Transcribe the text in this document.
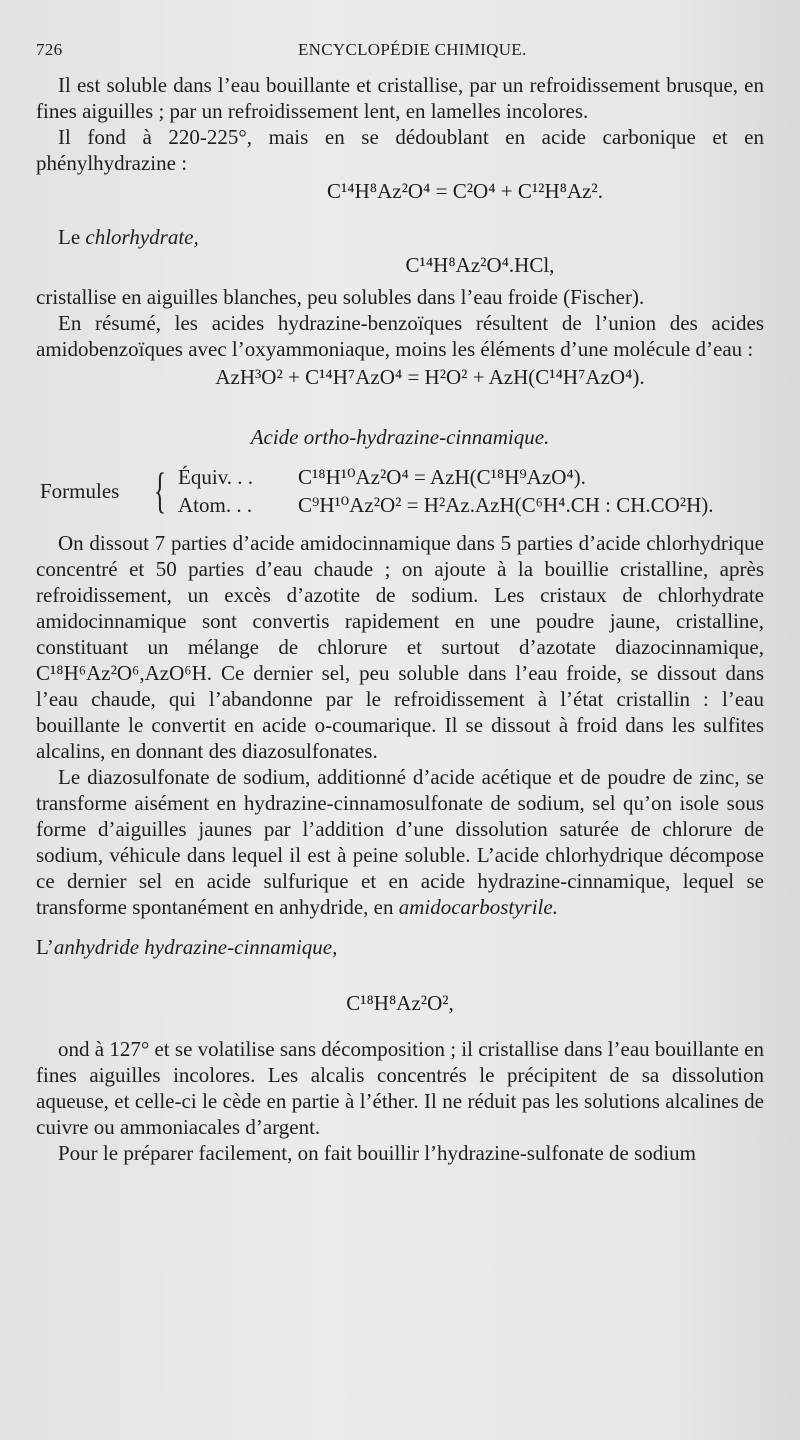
726	ENCYCLOPÉDIE CHIMIQUE.

Il est soluble dans l’eau bouillante et cristallise, par un refroidissement brusque, en fines aiguilles ; par un refroidissement lent, en lamelles incolores.

Il fond à 220-225°, mais en se dédoublant en acide carbonique et en phénylhydrazine :

C¹⁴H⁸Az²O⁴ = C²O⁴ + C¹²H⁸Az².

Le chlorhydrate,

C¹⁴H⁸Az²O⁴.HCl,

cristallise en aiguilles blanches, peu solubles dans l’eau froide (Fischer).

En résumé, les acides hydrazine-benzoïques résultent de l’union des acides amidobenzoïques avec l’oxyammoniaque, moins les éléments d’une molécule d’eau :

AzH³O² + C¹⁴H⁷AzO⁴ = H²O² + AzH(C¹⁴H⁷AzO⁴).
Acide ortho-hydrazine-cinnamique.
Formules { Équiv. . . C¹⁸H¹⁰Az²O⁴ = AzH(C¹⁸H⁹AzO⁴).
Atom. . . C⁹H¹⁰Az²O² = H²Az.AzH(C⁶H⁴.CH : CH.CO²H).

On dissout 7 parties d’acide amidocinnamique dans 5 parties d’acide chlorhydrique concentré et 50 parties d’eau chaude ; on ajoute à la bouillie cristalline, après refroidissement, un excès d’azotite de sodium. Les cristaux de chlorhydrate amidocinnamique sont convertis rapidement en une poudre jaune, cristalline, constituant un mélange de chlorure et surtout d’azotate diazocinnamique, C¹⁸H⁶Az²O⁶,AzO⁶H. Ce dernier sel, peu soluble dans l’eau froide, se dissout dans l’eau chaude, qui l’abandonne par le refroidissement à l’état cristallin : l’eau bouillante le convertit en acide o-coumarique. Il se dissout à froid dans les sulfites alcalins, en donnant des diazosulfonates.

Le diazosulfonate de sodium, additionné d’acide acétique et de poudre de zinc, se transforme aisément en hydrazine-cinnamosulfonate de sodium, sel qu’on isole sous forme d’aiguilles jaunes par l’addition d’une dissolution saturée de chlorure de sodium, véhicule dans lequel il est à peine soluble. L’acide chlorhydrique décompose ce dernier sel en acide sulfurique et en acide hydrazine-cinnamique, lequel se transforme spontanément en anhydride, en amidocarbostyrile.

L’anhydride hydrazine-cinnamique,

C¹⁸H⁸Az²O²,

ond à 127° et se volatilise sans décomposition ; il cristallise dans l’eau bouillante en fines aiguilles incolores. Les alcalis concentrés le précipitent de sa dissolution aqueuse, et celle-ci le cède en partie à l’éther. Il ne réduit pas les solutions alcalines de cuivre ou ammoniacales d’argent.

Pour le préparer facilement, on fait bouillir l’hydrazine-sulfonate de sodium
